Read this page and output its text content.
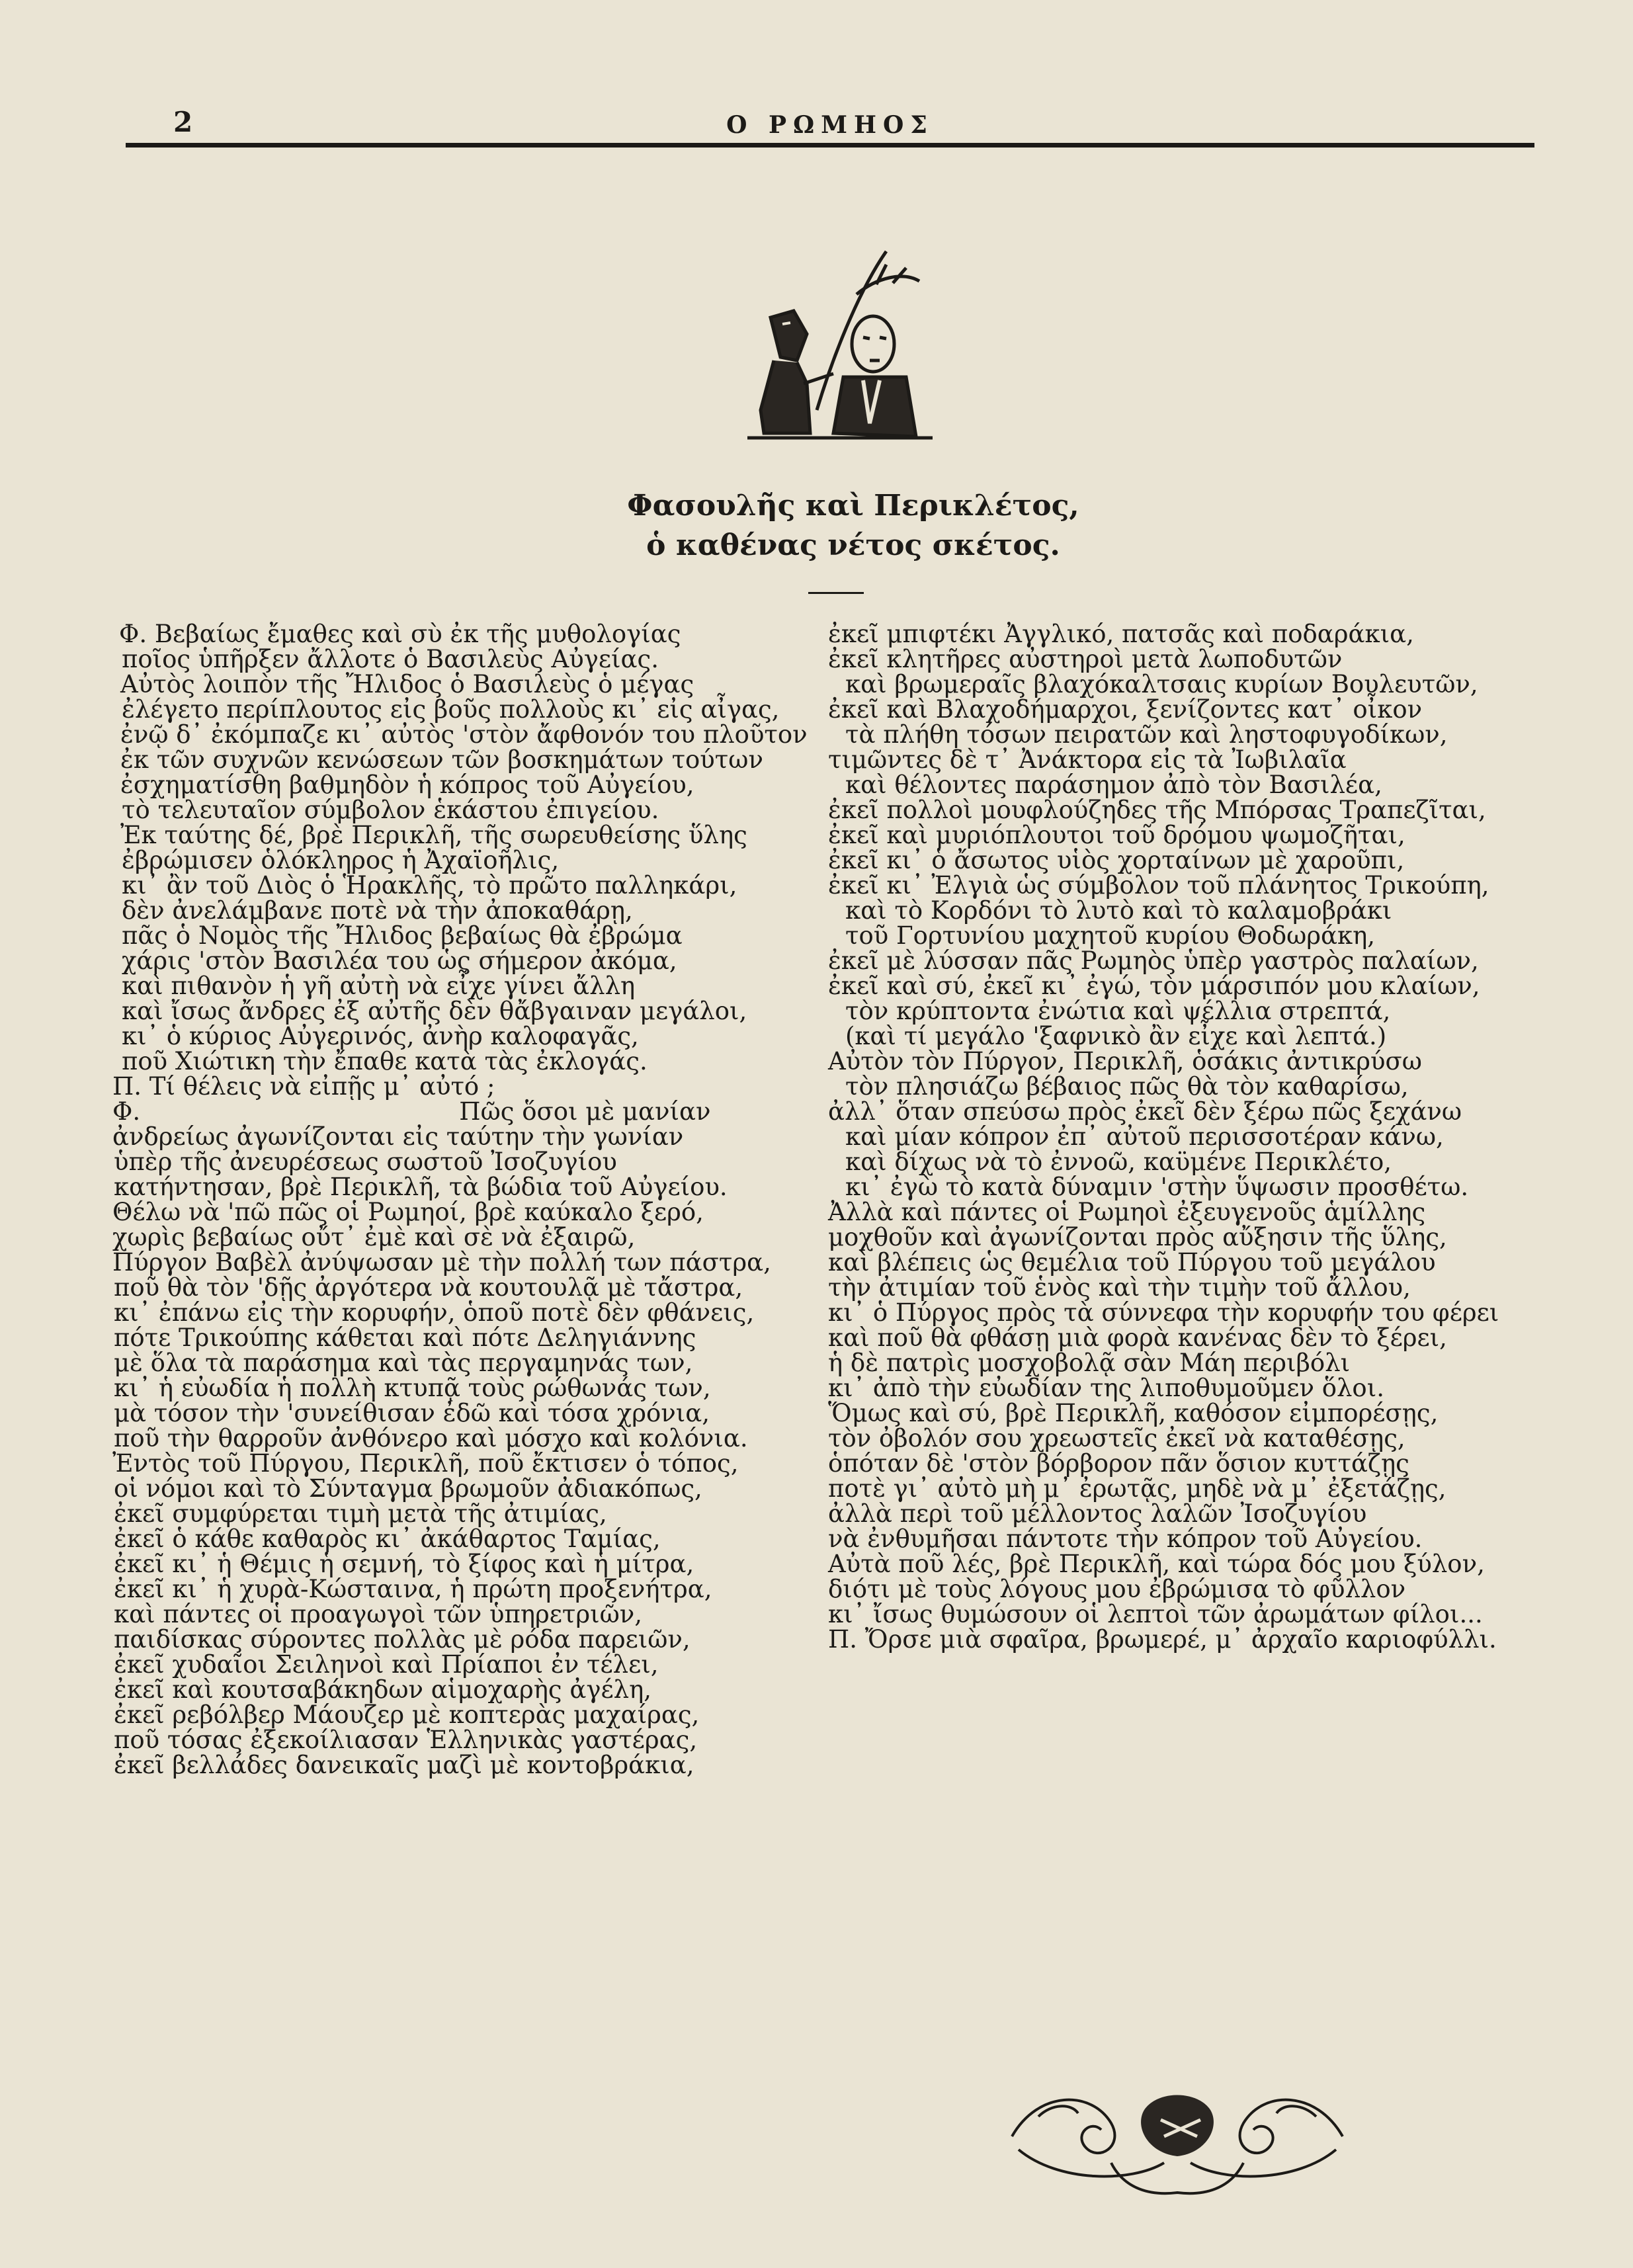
2	Ο ΡΩΜΗΟΣ
Φασουλῆς καὶ Περικλέτος,
ὁ καθένας νέτος σκέτος.
Φ. Βεβαίως ἔμαθες καὶ σὺ ἐκ τῆς μυθολογίας
ποῖος ὑπῆρξεν ἄλλοτε ὁ Βασιλεὺς Αὐγείας.
Αὐτὸς λοιπὸν τῆς Ἤλιδος ὁ Βασιλεὺς ὁ μέγας
ἐλέγετο περίπλουτος εἰς βοῦς πολλοὺς κι᾽ εἰς αἶγας,
ἐνῷ δ᾽ ἐκόμπαζε κι᾽ αὐτὸς 'στὸν ἄφθονόν του πλοῦτον
ἐκ τῶν συχνῶν κενώσεων τῶν βοσκημάτων τούτων
ἐσχηματίσθη βαθμηδὸν ἡ κόπρος τοῦ Αὐγείου,
τὸ τελευταῖον σύμβολον ἑκάστου ἐπιγείου.
Ἐκ ταύτης δέ, βρὲ Περικλῆ, τῆς σωρευθείσης ὕλης
ἐβρώμισεν ὁλόκληρος ἡ Ἀχαϊοῆλις,
κι᾽ ἂν τοῦ Διὸς ὁ Ἡρακλῆς, τὸ πρῶτο παλληκάρι,
δὲν ἀνελάμβανε ποτὲ νὰ τὴν ἀποκαθάρῃ,
πᾶς ὁ Νομὸς τῆς Ἤλιδος βεβαίως θὰ ἐβρώμα
χάρις 'στὸν Βασιλέα του ὡς σήμερον ἀκόμα,
καὶ πιθανὸν ἡ γῆ αὐτὴ νὰ εἶχε γίνει ἄλλη
καὶ ἴσως ἄνδρες ἐξ αὐτῆς δὲν θἄβγαιναν μεγάλοι,
κι᾽ ὁ κύριος Αὐγερινός, ἀνὴρ καλοφαγᾶς,
ποῦ Χιώτικη τὴν ἔπαθε κατὰ τὰς ἐκλογάς.
Π. Τί θέλεις νὰ εἰπῇς μ᾽ αὐτό ;
Φ.                                         Πῶς ὅσοι μὲ μανίαν
ἀνδρείως ἀγωνίζονται εἰς ταύτην τὴν γωνίαν
ὑπὲρ τῆς ἀνευρέσεως σωστοῦ Ἰσοζυγίου
κατήντησαν, βρὲ Περικλῆ, τὰ βώδια τοῦ Αὐγείου.
Θέλω νὰ 'πῶ πῶς οἱ Ρωμηοί, βρὲ καύκαλο ξερό,
χωρὶς βεβαίως οὔτ᾽ ἐμὲ καὶ σὲ νὰ ἐξαιρῶ,
Πύργον Βαβὲλ ἀνύψωσαν μὲ τὴν πολλή των πάστρα,
ποῦ θὰ τὸν 'δῇς ἀργότερα νὰ κουτουλᾷ μὲ τἄστρα,
κι᾽ ἐπάνω εἰς τὴν κορυφήν, ὁποῦ ποτὲ δὲν φθάνεις,
πότε Τρικούπης κάθεται καὶ πότε Δεληγιάννης
μὲ ὅλα τὰ παράσημα καὶ τὰς περγαμηνάς των,
κι᾽ ἡ εὐωδία ἡ πολλὴ κτυπᾷ τοὺς ρώθωνάς των,
μὰ τόσον τὴν 'συνείθισαν ἐδῶ καὶ τόσα χρόνια,
ποῦ τὴν θαρροῦν ἀνθόνερο καὶ μόσχο καὶ κολόνια.
Ἐντὸς τοῦ Πύργου, Περικλῆ, ποῦ ἔκτισεν ὁ τόπος,
οἱ νόμοι καὶ τὸ Σύνταγμα βρωμοῦν ἀδιακόπως,
ἐκεῖ συμφύρεται τιμὴ μετὰ τῆς ἀτιμίας,
ἐκεῖ ὁ κάθε καθαρὸς κι᾽ ἀκάθαρτος Ταμίας,
ἐκεῖ κι᾽ ἡ Θέμις ἡ σεμνή, τὸ ξίφος καὶ ἡ μίτρα,
ἐκεῖ κι᾽ ἡ χυρὰ-Κώσταινα, ἡ πρώτη προξενήτρα,
καὶ πάντες οἱ προαγωγοὶ τῶν ὑπηρετριῶν,
παιδίσκας σύροντες πολλὰς μὲ ρόδα παρειῶν,
ἐκεῖ χυδαῖοι Σειληνοὶ καὶ Πρίαποι ἐν τέλει,
ἐκεῖ καὶ κουτσαβάκηδων αἱμοχαρὴς ἀγέλη,
ἐκεῖ ρεβόλβερ Μάουζερ μὲ κοπτερὰς μαχαίρας,
ποῦ τόσας ἐξεκοίλιασαν Ἑλληνικὰς γαστέρας,
ἐκεῖ βελλάδες δανεικαῖς μαζὶ μὲ κοντοβράκια,
ἐκεῖ μπιφτέκι Ἀγγλικό, πατσᾶς καὶ ποδαράκια,
ἐκεῖ κλητῆρες αὐστηροὶ μετὰ λωποδυτῶν
καὶ βρωμεραῖς βλαχόκαλτσαις κυρίων Βουλευτῶν,
ἐκεῖ καὶ Βλαχοδήμαρχοι, ξενίζοντες κατ᾽ οἶκον
τὰ πλήθη τόσων πειρατῶν καὶ ληστοφυγοδίκων,
τιμῶντες δὲ τ᾽ Ἀνάκτορα εἰς τὰ Ἰωβιλαῖα
καὶ θέλοντες παράσημον ἀπὸ τὸν Βασιλέα,
ἐκεῖ πολλοὶ μουφλούζηδες τῆς Μπόρσας Τραπεζῖται,
ἐκεῖ καὶ μυριόπλουτοι τοῦ δρόμου ψωμοζῆται,
ἐκεῖ κι᾽ ὁ ἄσωτος υἱὸς χορταίνων μὲ χαροῦπι,
ἐκεῖ κι᾽ Ἐλγιὰ ὡς σύμβολον τοῦ πλάνητος Τρικούπη,
καὶ τὸ Κορδόνι τὸ λυτὸ καὶ τὸ καλαμοβράκι
τοῦ Γορτυνίου μαχητοῦ κυρίου Θοδωράκη,
ἐκεῖ μὲ λύσσαν πᾶς Ρωμηὸς ὑπὲρ γαστρὸς παλαίων,
ἐκεῖ καὶ σύ, ἐκεῖ κι᾽ ἐγώ, τὸν μάρσιπόν μου κλαίων,
τὸν κρύπτοντα ἐνώτια καὶ ψέλλια στρεπτά,
(καὶ τί μεγάλο 'ξαφνικὸ ἂν εἶχε καὶ λεπτά.)
Αὐτὸν τὸν Πύργον, Περικλῆ, ὁσάκις ἀντικρύσω
τὸν πλησιάζω βέβαιος πῶς θὰ τὸν καθαρίσω,
ἀλλ᾽ ὅταν σπεύσω πρὸς ἐκεῖ δὲν ξέρω πῶς ξεχάνω
καὶ μίαν κόπρον ἐπ᾽ αὐτοῦ περισσοτέραν κάνω,
καὶ δίχως νὰ τὸ ἐννοῶ, καϋμένε Περικλέτο,
κι᾽ ἐγὼ τὸ κατὰ δύναμιν 'στὴν ὕψωσιν προσθέτω.
Ἀλλὰ καὶ πάντες οἱ Ρωμηοὶ ἐξευγενοῦς ἁμίλλης
μοχθοῦν καὶ ἀγωνίζονται πρὸς αὔξησιν τῆς ὕλης,
καὶ βλέπεις ὡς θεμέλια τοῦ Πύργου τοῦ μεγάλου
τὴν ἀτιμίαν τοῦ ἑνὸς καὶ τὴν τιμὴν τοῦ ἄλλου,
κι᾽ ὁ Πύργος πρὸς τὰ σύννεφα τὴν κορυφήν του φέρει
καὶ ποῦ θὰ φθάσῃ μιὰ φορὰ κανένας δὲν τὸ ξέρει,
ἡ δὲ πατρὶς μοσχοβολᾷ σὰν Μάη περιβόλι
κι᾽ ἀπὸ τὴν εὐωδίαν της λιποθυμοῦμεν ὅλοι.
Ὅμως καὶ σύ, βρὲ Περικλῆ, καθόσον εἰμπορέσῃς,
τὸν ὀβολόν σου χρεωστεῖς ἐκεῖ νὰ καταθέσῃς,
ὁπόταν δὲ 'στὸν βόρβορον πᾶν ὅσιον κυττάζῃς
ποτὲ γι᾽ αὐτὸ μὴ μ᾽ ἐρωτᾷς, μηδὲ νὰ μ᾽ ἐξετάζῃς,
ἀλλὰ περὶ τοῦ μέλλοντος λαλῶν Ἰσοζυγίου
νὰ ἐνθυμῆσαι πάντοτε τὴν κόπρον τοῦ Αὐγείου.
Αὐτὰ ποῦ λές, βρὲ Περικλῆ, καὶ τώρα δός μου ξύλον,
διότι μὲ τοὺς λόγους μου ἐβρώμισα τὸ φῦλλον
κι᾽ ἴσως θυμώσουν οἱ λεπτοὶ τῶν ἀρωμάτων φίλοι...
Π. Ὄρσε μιὰ σφαῖρα, βρωμερέ, μ᾽ ἀρχαῖο καριοφύλλι.
